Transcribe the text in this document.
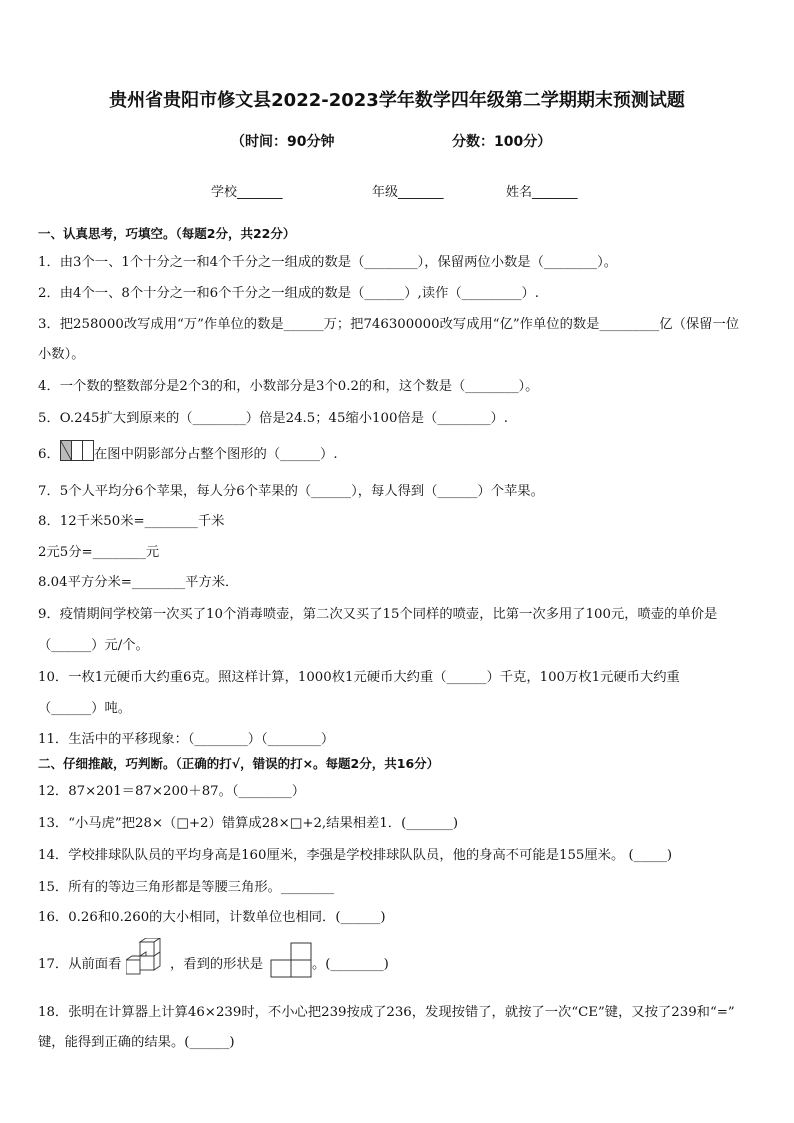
贵州省贵阳市修文县2022-2023学年数学四年级第二学期期末预测试题
（时间：90分钟	分数：100分）
学校_______	年级_______	姓名_______
一、认真思考，巧填空。（每题2分，共22分）
1．由3个一、1个十分之一和4个千分之一组成的数是（________），保留两位小数是（________）。
2．由4个一、8个十分之一和6个千分之一组成的数是（______）,读作（_________）.
3．把258000改写成用“万”作单位的数是______万；把746300000改写成用“亿”作单位的数是_________亿（保留一位
小数）。
4．一个数的整数部分是2个3的和，小数部分是3个0.2的和，这个数是（________）。
5．O.245扩大到原来的（________）倍是24.5；45缩小100倍是（________）.
6．	在图中阴影部分占整个图形的（______）.
7．5个人平均分6个苹果，每人分6个苹果的（______），每人得到（______）个苹果。
8．12千米50米=________千米
2元5分=________元
8.04平方分米=________平方米．
9．疫情期间学校第一次买了10个消毒喷壶，第二次又买了15个同样的喷壶，比第一次多用了100元，喷壶的单价是
（______）元/个。
10．一枚1元硬币大约重6克。照这样计算，1000枚1元硬币大约重（______）千克，100万枚1元硬币大约重
（______）吨。
11．生活中的平移现象：（________）（________）
二、仔细推敲，巧判断。（正确的打√，错误的打×。每题2分，共16分）
12．87×201＝87×200＋87。（________）
13．“小马虎”把28×（□+2）错算成28×□+2,结果相差1．(_______)
14．学校排球队队员的平均身高是160厘米，李强是学校排球队队员，他的身高不可能是155厘米。 (_____)
15．所有的等边三角形都是等腰三角形。________
16．0.26和0.260的大小相同，计数单位也相同．(______)
17．从前面看	，看到的形状是	。(________)
18．张明在计算器上计算46×239时，不小心把239按成了236，发现按错了，就按了一次“CE”键，又按了239和“=”
键，能得到正确的结果。(______)
